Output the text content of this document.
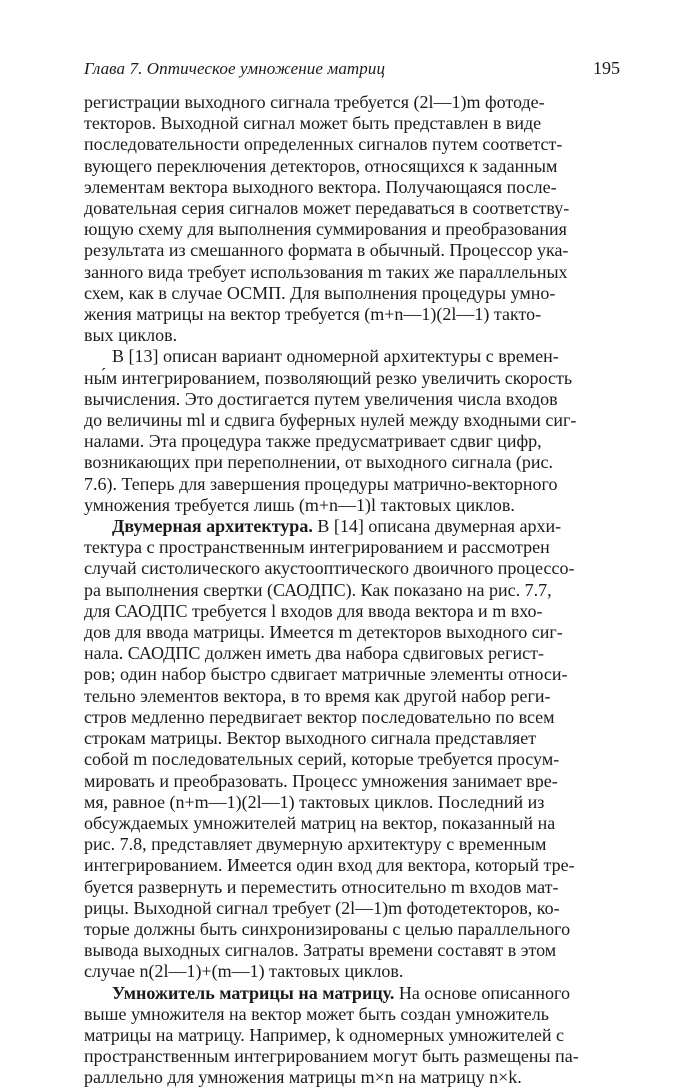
Глава 7. Оптическое умножение матриц	195
регистрации выходного сигнала требуется (2l—1)m фотоде-
текторов. Выходной сигнал может быть представлен в виде
последовательности определенных сигналов путем соответст-
вующего переключения детекторов, относящихся к заданным
элементам вектора выходного вектора. Получающаяся после-
довательная серия сигналов может передаваться в соответству-
ющую схему для выполнения суммирования и преобразования
результата из смешанного формата в обычный. Процессор ука-
занного вида требует использования m таких же параллельных
схем, как в случае ОСМП. Для выполнения процедуры умно-
жения матрицы на вектор требуется (m+n—1)(2l—1) такто-
вых циклов.
В [13] описан вариант одномерной архитектуры с времен-
ны́м интегрированием, позволяющий резко увеличить скорость
вычисления. Это достигается путем увеличения числа входов
до величины ml и сдвига буферных нулей между входными сиг-
налами. Эта процедура также предусматривает сдвиг цифр,
возникающих при переполнении, от выходного сигнала (рис.
7.6). Теперь для завершения процедуры матрично-векторного
умножения требуется лишь (m+n—1)l тактовых циклов.
Двумерная архитектура. В [14] описана двумерная архи-
тектура с пространственным интегрированием и рассмотрен
случай систолического акустооптического двоичного процессо-
ра выполнения свертки (САОДПС). Как показано на рис. 7.7,
для САОДПС требуется l входов для ввода вектора и m вхо-
дов для ввода матрицы. Имеется m детекторов выходного сиг-
нала. САОДПС должен иметь два набора сдвиговых регист-
ров; один набор быстро сдвигает матричные элементы относи-
тельно элементов вектора, в то время как другой набор реги-
стров медленно передвигает вектор последовательно по всем
строкам матрицы. Вектор выходного сигнала представляет
собой m последовательных серий, которые требуется просум-
мировать и преобразовать. Процесс умножения занимает вре-
мя, равное (n+m—1)(2l—1) тактовых циклов. Последний из
обсуждаемых умножителей матриц на вектор, показанный на
рис. 7.8, представляет двумерную архитектуру с временным
интегрированием. Имеется один вход для вектора, который тре-
буется развернуть и переместить относительно m входов мат-
рицы. Выходной сигнал требует (2l—1)m фотодетекторов, ко-
торые должны быть синхронизированы с целью параллельного
вывода выходных сигналов. Затраты времени составят в этом
случае n(2l—1)+(m—1) тактовых циклов.
Умножитель матрицы на матрицу. На основе описанного
выше умножителя на вектор может быть создан умножитель
матрицы на матрицу. Например, k одномерных умножителей с
пространственным интегрированием могут быть размещены па-
раллельно для умножения матрицы m×n на матрицу n×k.
